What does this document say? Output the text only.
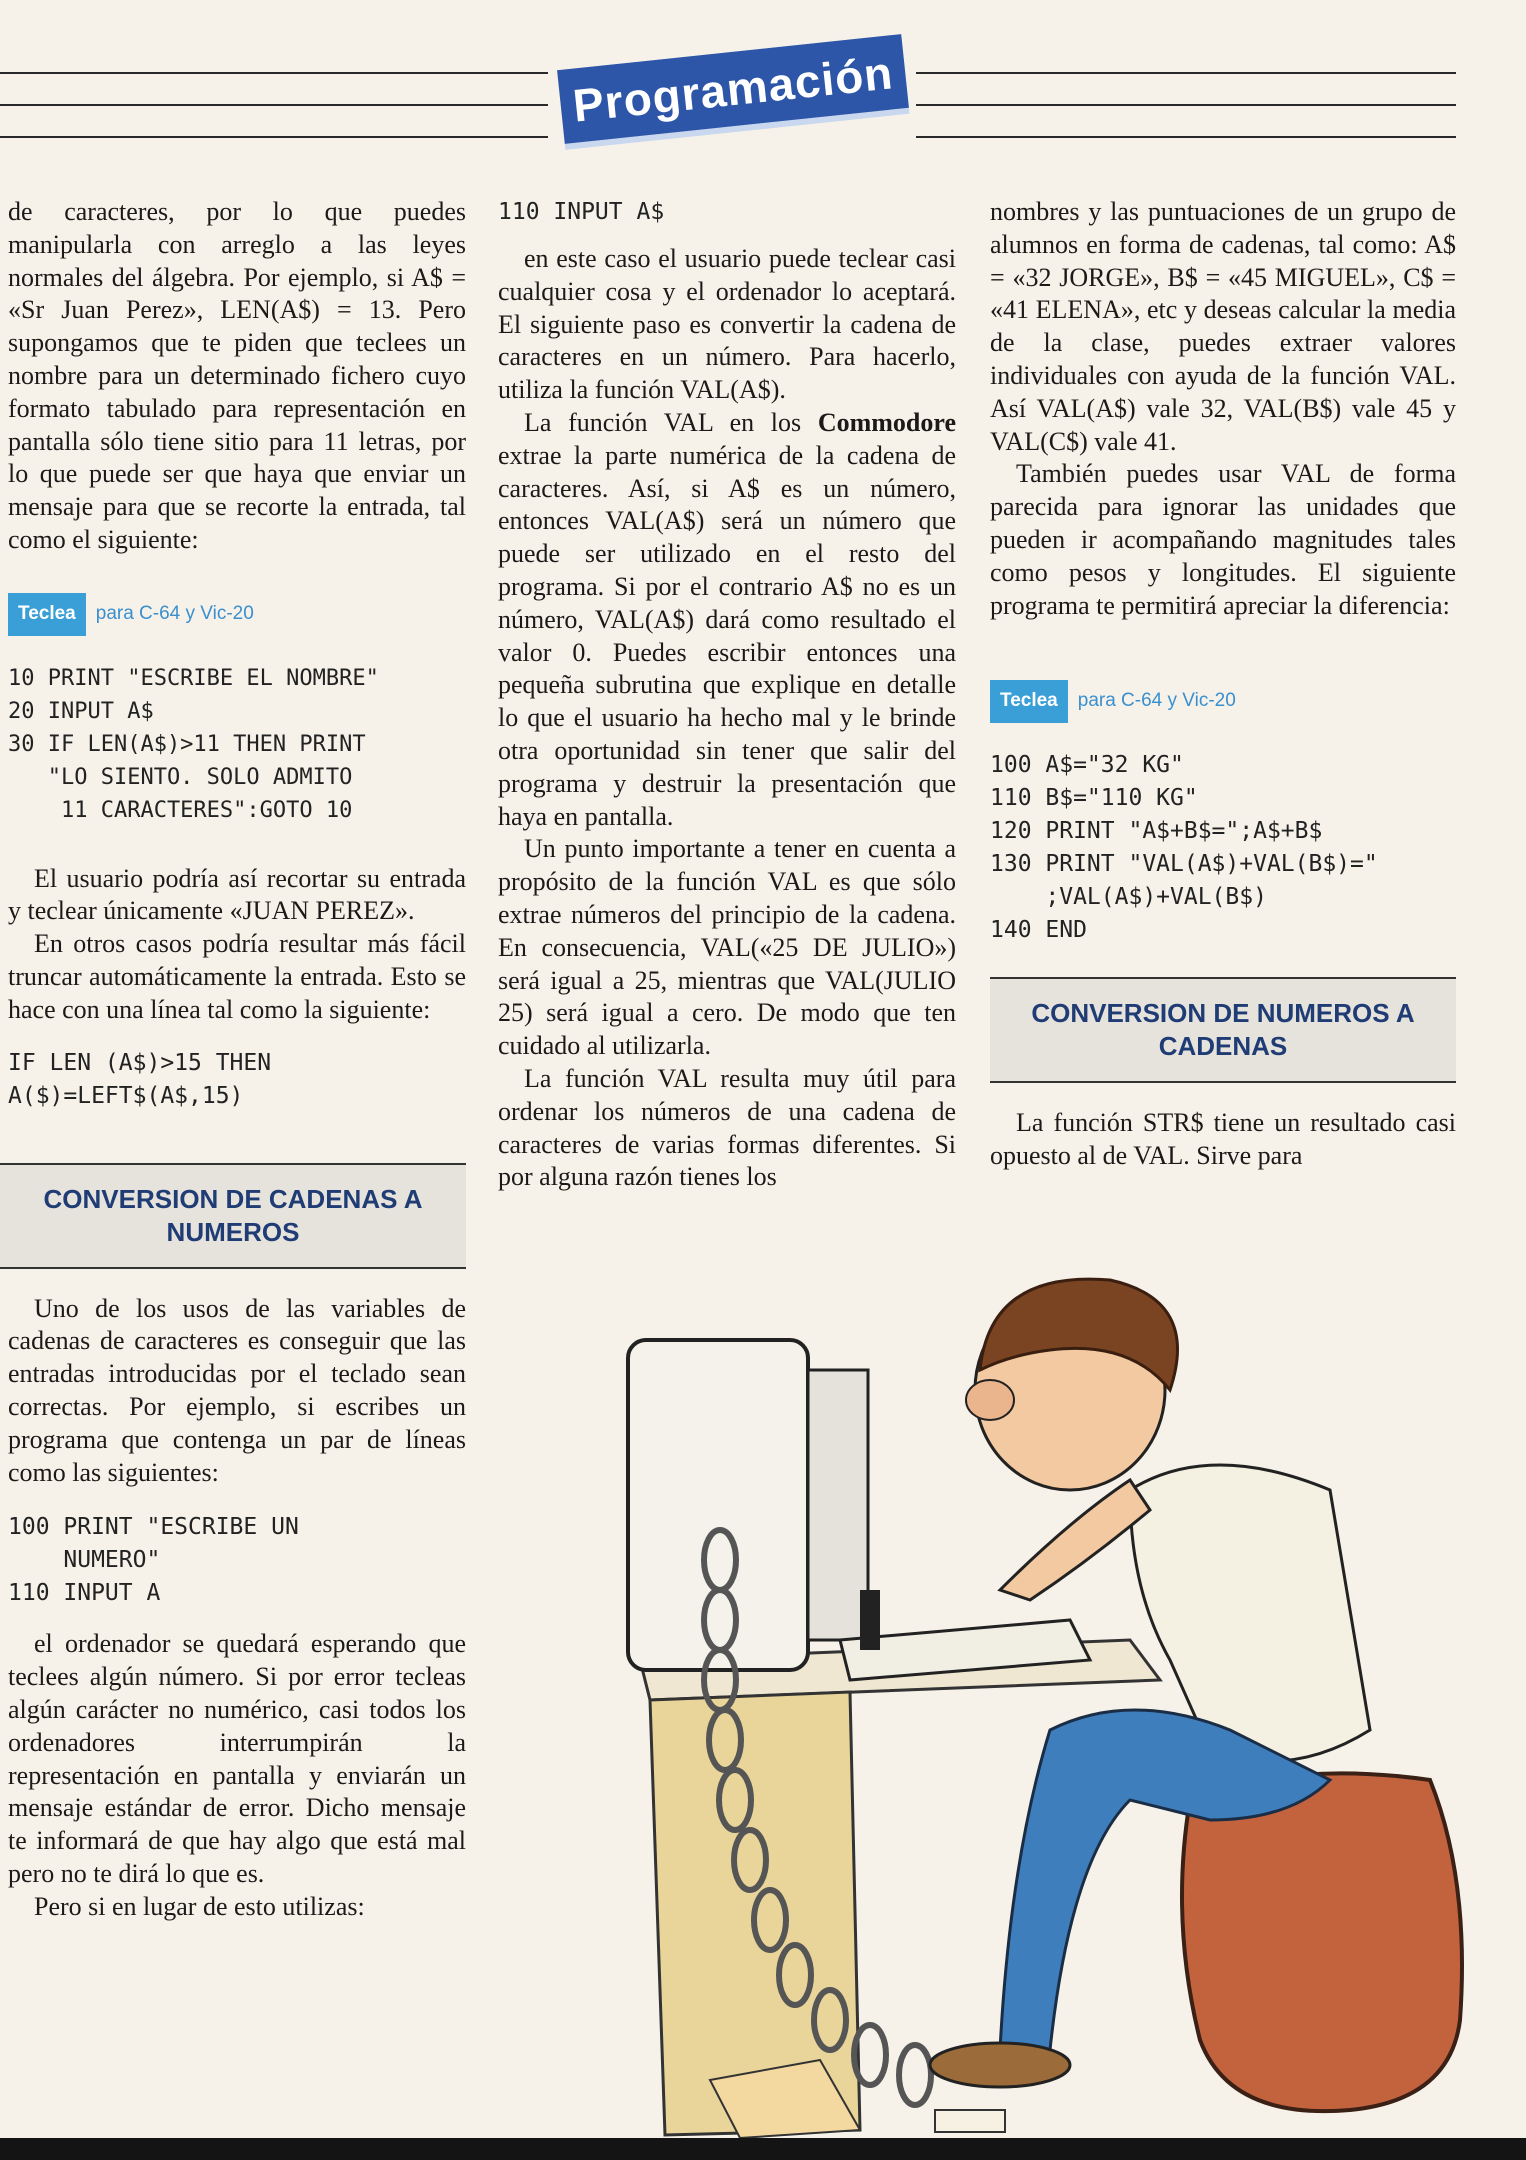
Programación

de caracteres, por lo que puedes manipularla con arreglo a las leyes normales del álgebra. Por ejemplo, si A$ = «Sr Juan Perez», LEN(A$) = 13. Pero supongamos que te piden que teclees un nombre para un determinado fichero cuyo formato tabulado para representación en pantalla sólo tiene sitio para 11 letras, por lo que puede ser que haya que enviar un mensaje para que se recorte la entrada, tal como el siguiente:

Teclea	para C-64 y Vic-20
10 PRINT "ESCRIBE EL NOMBRE"
20 INPUT A$
30 IF LEN(A$)>11 THEN PRINT
"LO SIENTO. SOLO ADMITO
11 CARACTERES":GOTO 10

El usuario podría así recortar su entrada y teclear únicamente «JUAN PEREZ».

En otros casos podría resultar más fácil truncar automáticamente la entrada. Esto se hace con una línea tal como la siguiente:

IF LEN (A$)>15 THEN
A($)=LEFT$(A$,15)
CONVERSION DE CADENAS A NUMEROS

Uno de los usos de las variables de cadenas de caracteres es conseguir que las entradas introducidas por el teclado sean correctas. Por ejemplo, si escribes un programa que contenga un par de líneas como las siguientes:

100 PRINT "ESCRIBE UN
NUMERO"
110 INPUT A

el ordenador se quedará esperando que teclees algún número. Si por error tecleas algún carácter no numérico, casi todos los ordenadores interrumpirán la representación en pantalla y enviarán un mensaje estándar de error. Dicho mensaje te informará de que hay algo que está mal pero no te dirá lo que es.

Pero si en lugar de esto utilizas:

110 INPUT A$

en este caso el usuario puede teclear casi cualquier cosa y el ordenador lo aceptará. El siguiente paso es convertir la cadena de caracteres en un número. Para hacerlo, utiliza la función VAL(A$).

La función VAL en los Commodore extrae la parte numérica de la cadena de caracteres. Así, si A$ es un número, entonces VAL(A$) será un número que puede ser utilizado en el resto del programa. Si por el contrario A$ no es un número, VAL(A$) dará como resultado el valor 0. Puedes escribir entonces una pequeña subrutina que explique en detalle lo que el usuario ha hecho mal y le brinde otra oportunidad sin tener que salir del programa y destruir la presentación que haya en pantalla.

Un punto importante a tener en cuenta a propósito de la función VAL es que sólo extrae números del principio de la cadena. En consecuencia, VAL(«25 DE JULIO») será igual a 25, mientras que VAL(JULIO 25) será igual a cero. De modo que ten cuidado al utilizarla.

La función VAL resulta muy útil para ordenar los números de una cadena de caracteres de varias formas diferentes. Si por alguna razón tienes los

nombres y las puntuaciones de un grupo de alumnos en forma de cadenas, tal como: A$ = «32 JORGE», B$ = «45 MIGUEL», C$ = «41 ELENA», etc y deseas calcular la media de la clase, puedes extraer valores individuales con ayuda de la función VAL. Así VAL(A$) vale 32, VAL(B$) vale 45 y VAL(C$) vale 41.

También puedes usar VAL de forma parecida para ignorar las unidades que pueden ir acompañando magnitudes tales como pesos y longitudes. El siguiente programa te permitirá apreciar la diferencia:

Teclea	para C-64 y Vic-20
100 A$="32 KG"
110 B$="110 KG"
120 PRINT "A$+B$=";A$+B$
130 PRINT "VAL(A$)+VAL(B$)="
;VAL(A$)+VAL(B$)
140 END
CONVERSION DE NUMEROS A CADENAS

La función STR$ tiene un resultado casi opuesto al de VAL. Sirve para
